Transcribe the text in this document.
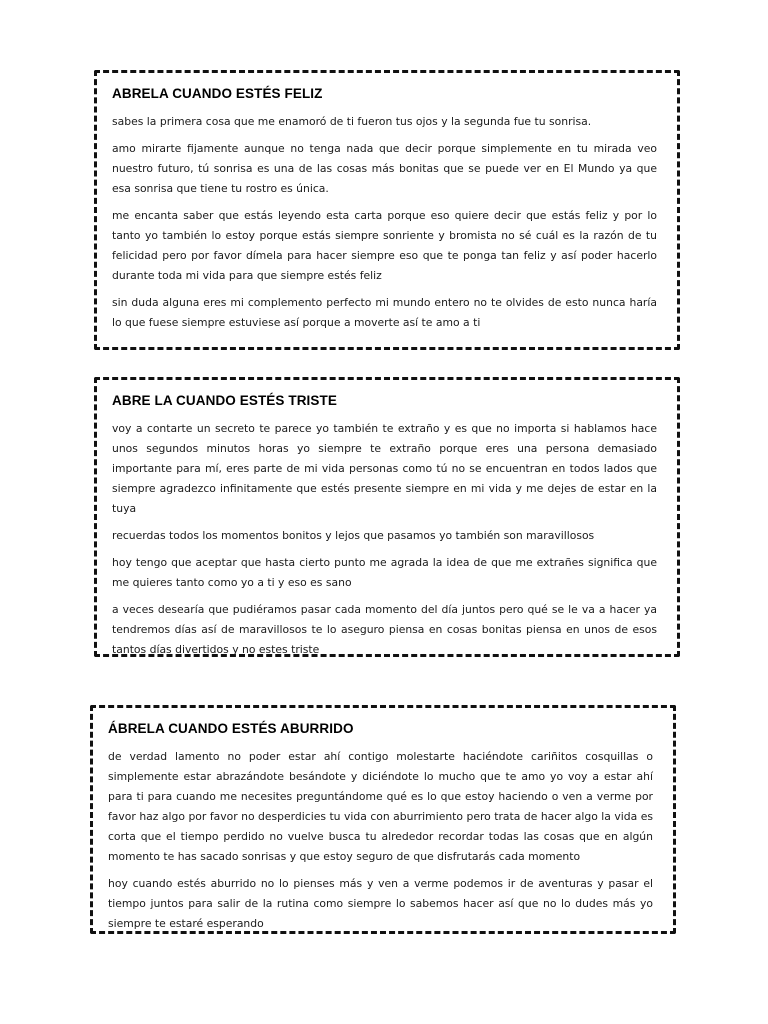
ABRELA CUANDO ESTÉS FELIZ

sabes la primera cosa que me enamoró de ti fueron tus ojos y la segunda fue tu sonrisa.

amo mirarte fijamente aunque no tenga nada que decir porque simplemente en tu mirada veo nuestro futuro, tú sonrisa es una de las cosas más bonitas que se puede ver en El Mundo ya que esa sonrisa que tiene tu rostro es única.

me encanta saber que estás leyendo esta carta porque eso quiere decir que estás feliz y por lo tanto yo también lo estoy porque estás siempre sonriente y bromista no sé cuál es la razón de tu felicidad pero por favor dímela para hacer siempre eso que te ponga tan feliz y así poder hacerlo durante toda mi vida para que siempre estés feliz

sin duda alguna eres mi complemento perfecto mi mundo entero no te olvides de esto nunca haría lo que fuese siempre estuviese así porque a moverte así te amo a ti

ABRE LA CUANDO ESTÉS TRISTE

voy a contarte un secreto te parece yo también te extraño y es que no importa si hablamos hace unos segundos minutos horas yo siempre te extraño porque eres una persona demasiado importante para mí, eres parte de mi vida personas como tú no se encuentran en todos lados que siempre agradezco infinitamente que estés presente siempre en mi vida y me dejes de estar en la tuya

recuerdas todos los momentos bonitos y lejos que pasamos yo también son maravillosos

hoy tengo que aceptar que hasta cierto punto me agrada la idea de que me extrañes significa que me quieres tanto como yo a ti y eso es sano

a veces desearía que pudiéramos pasar cada momento del día juntos pero qué se le va a hacer ya tendremos días así de maravillosos te lo aseguro piensa en cosas bonitas piensa en unos de esos tantos días divertidos y no estes triste

ÁBRELA CUANDO ESTÉS ABURRIDO

de verdad lamento no poder estar ahí contigo molestarte haciéndote cariñitos cosquillas o simplemente estar abrazándote besándote y diciéndote lo mucho que te amo yo voy a estar ahí para ti para cuando me necesites preguntándome qué es lo que estoy haciendo o ven a verme por favor haz algo por favor no desperdicies tu vida con aburrimiento pero trata de hacer algo la vida es corta que el tiempo perdido no vuelve busca tu alrededor recordar todas las cosas que en algún momento te has sacado sonrisas y que estoy seguro de que disfrutarás cada momento

hoy cuando estés aburrido no lo pienses más y ven a verme podemos ir de aventuras y pasar el tiempo juntos para salir de la rutina como siempre lo sabemos hacer así que no lo dudes más yo siempre te estaré esperando
